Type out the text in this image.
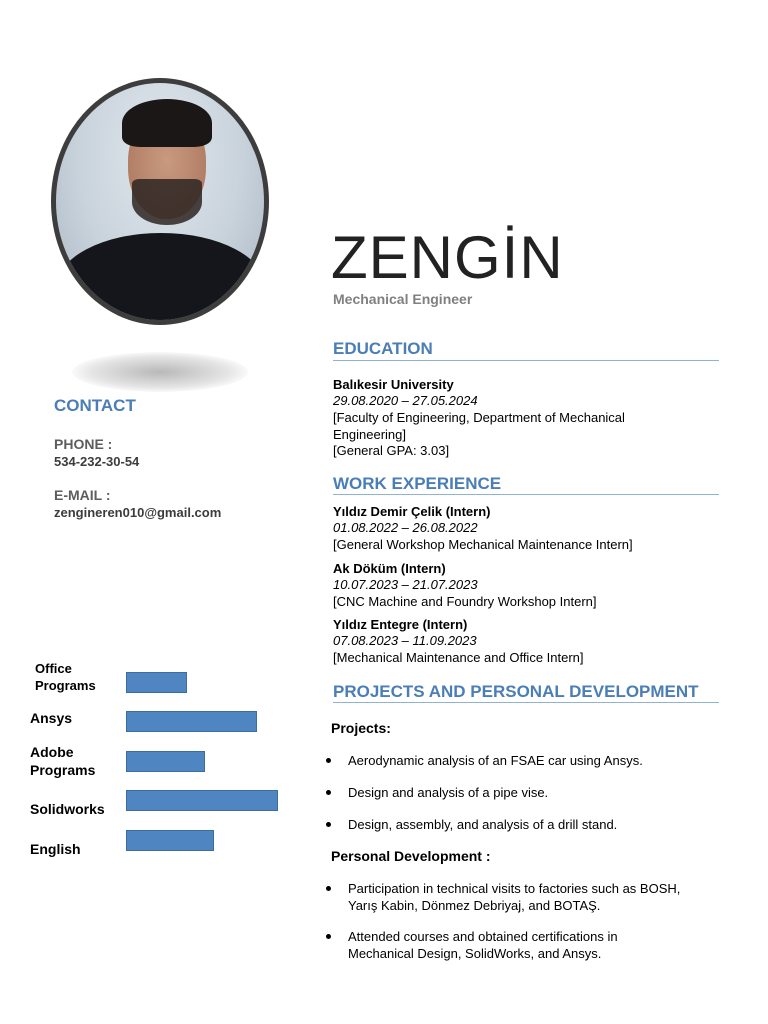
CONTACT
PHONE :
534-232-30-54
E-MAIL :
zengineren010@gmail.com
Office
Programs
Ansys
Adobe
Programs
Solidworks
English
ZENGİN
Mechanical Engineer
EDUCATION
Balıkesir University
29.08.2020 – 27.05.2024
[Faculty of Engineering, Department of Mechanical
Engineering]
[General GPA: 3.03]
WORK EXPERIENCE
Yıldız Demir Çelik (Intern)
01.08.2022 – 26.08.2022
[General Workshop Mechanical Maintenance Intern]
Ak Döküm (Intern)
10.07.2023 – 21.07.2023
[CNC Machine and Foundry Workshop Intern]
Yıldız Entegre (Intern)
07.08.2023 – 11.09.2023
[Mechanical Maintenance and Office Intern]
PROJECTS AND PERSONAL DEVELOPMENT
Projects:
Aerodynamic analysis of an FSAE car using Ansys.
Design and analysis of a pipe vise.
Design, assembly, and analysis of a drill stand.
Personal Development :
Participation in technical visits to factories such as BOSH,
Yarış Kabin, Dönmez Debriyaj, and BOTAŞ.
Attended courses and obtained certifications in
Mechanical Design, SolidWorks, and Ansys.
